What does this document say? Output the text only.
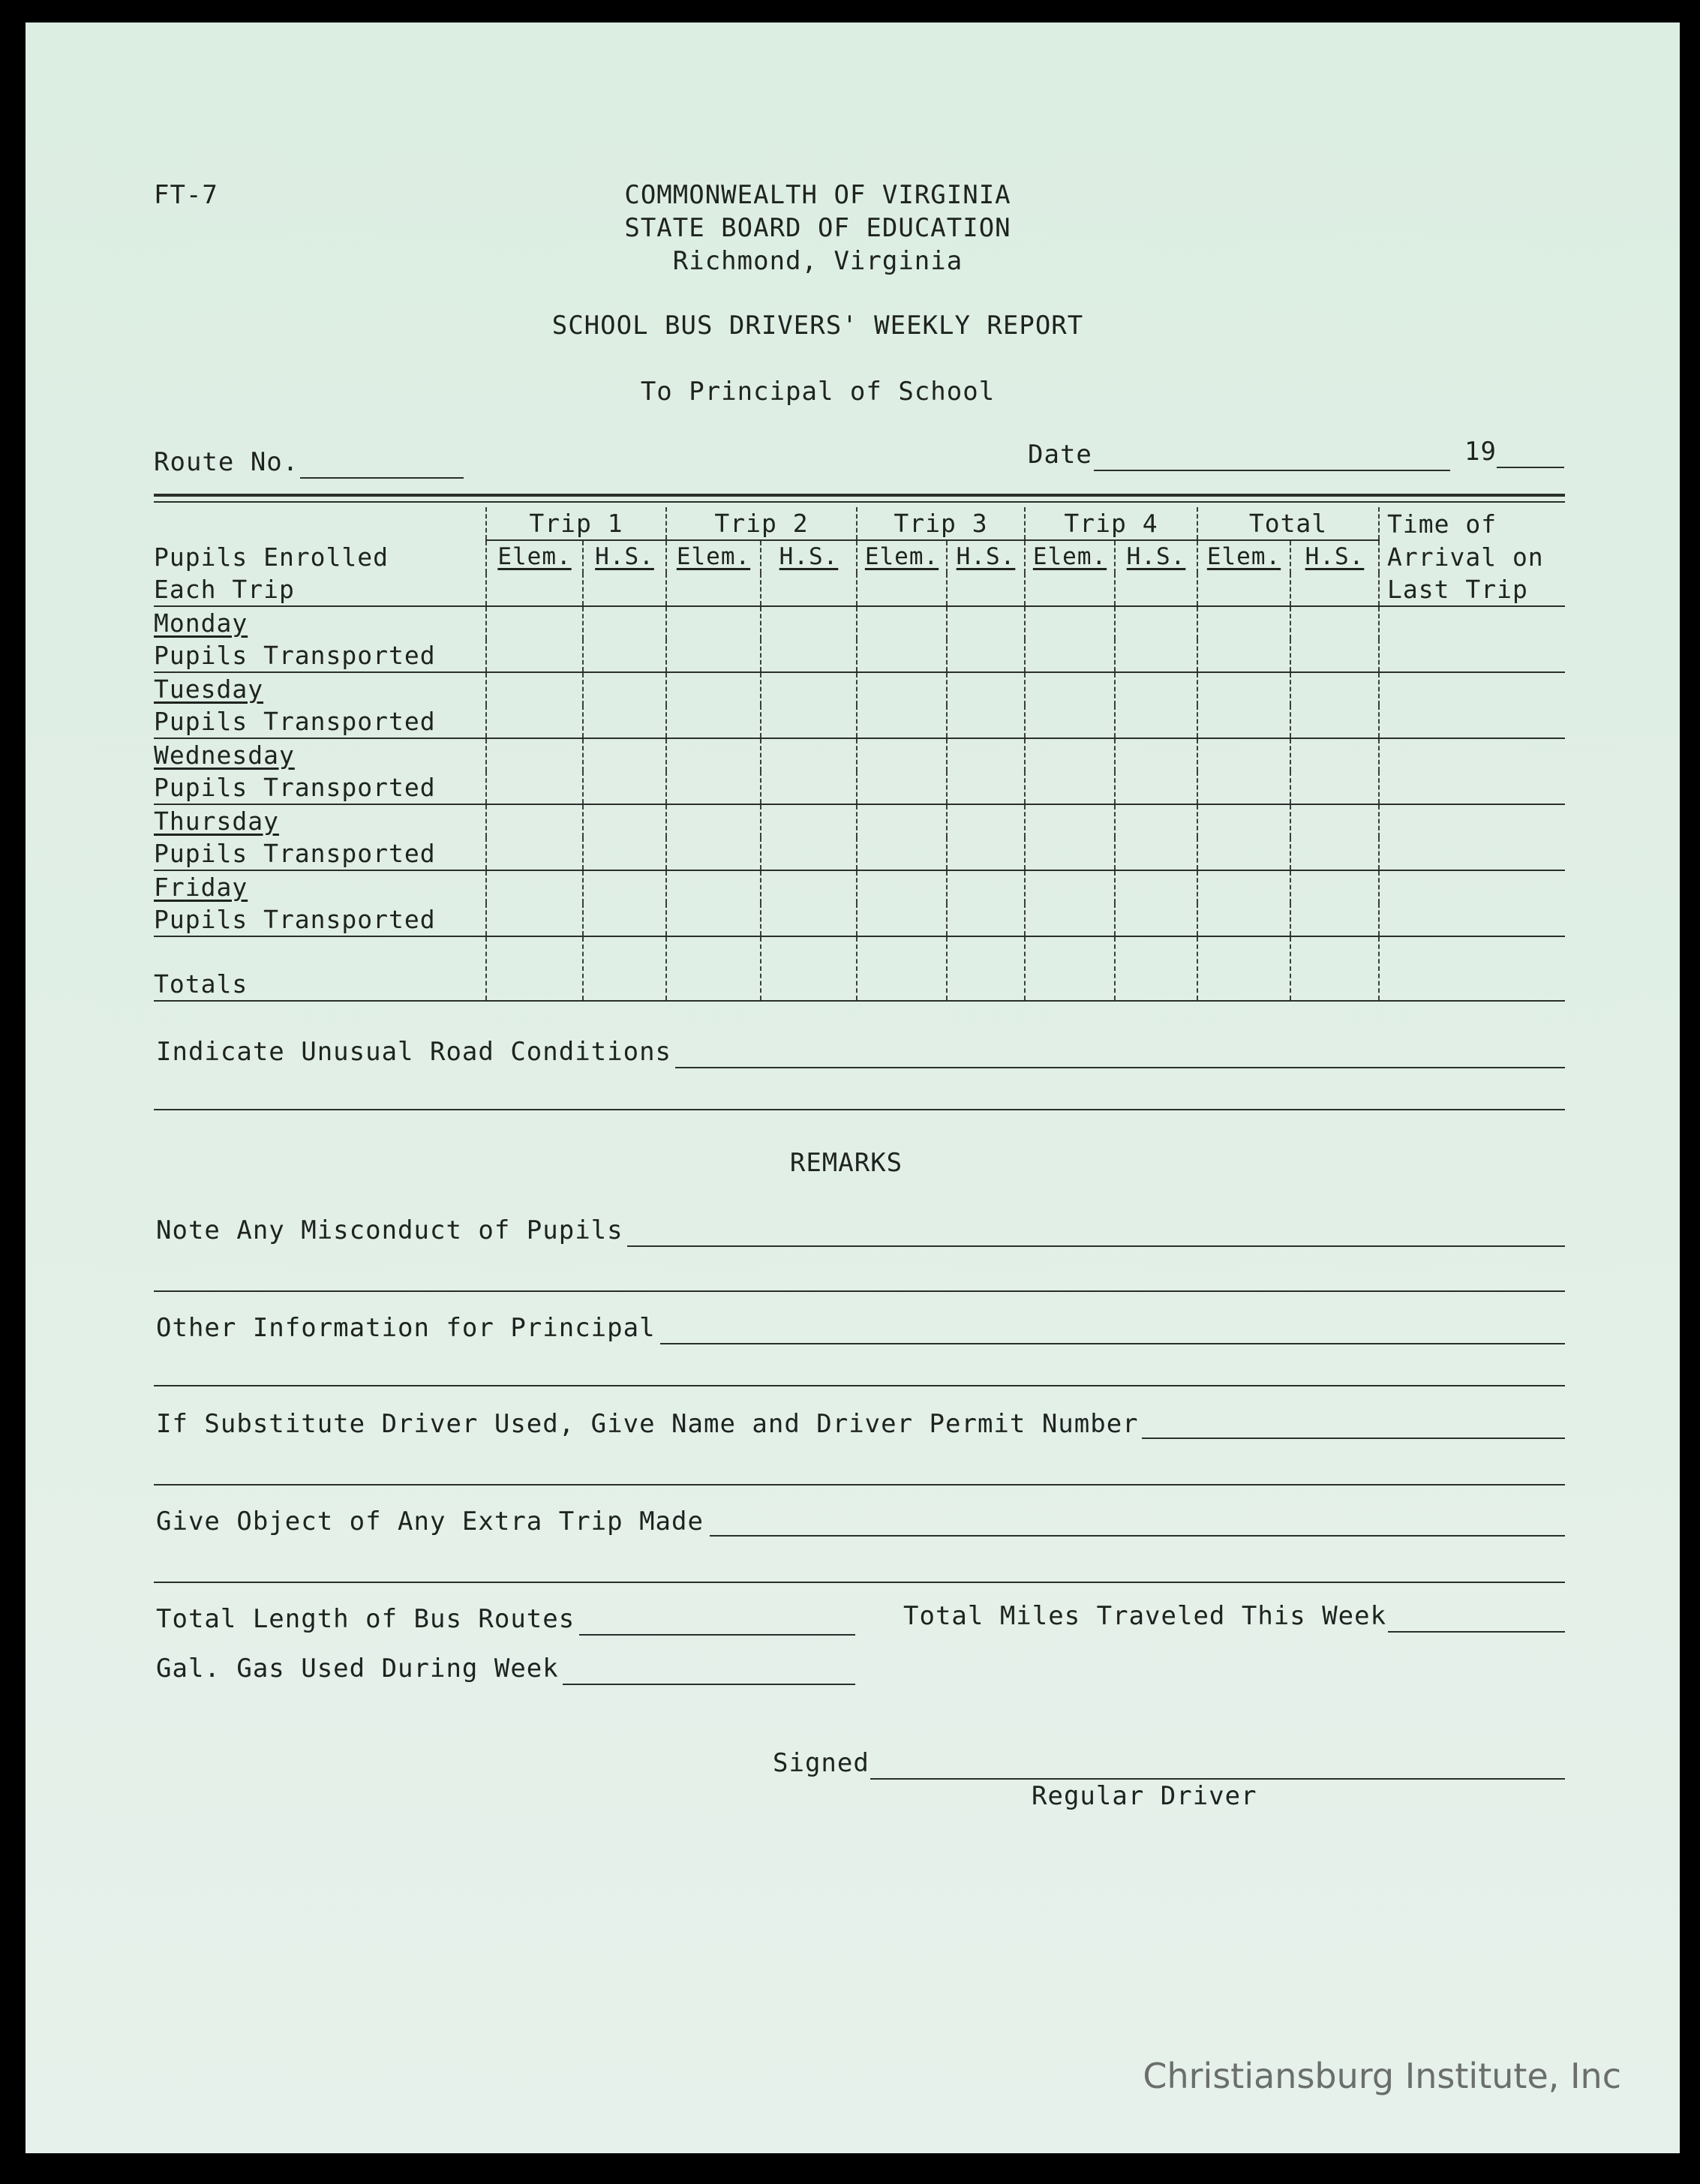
FT-7	COMMONWEALTH OF VIRGINIA
STATE BOARD OF EDUCATION
Richmond, Virginia
SCHOOL BUS DRIVERS' WEEKLY REPORT
To Principal of School
Route No.	Date	19
	Trip 1		Trip 2		Trip 3		Trip 4		Total		Time of
Pupils Enrolled	Elem.	H.S.	Elem.	H.S.	Elem.	H.S.	Elem.	H.S.	Elem.	H.S.	Arrival on
Each Trip											Last Trip
Monday											
Pupils Transported											
Tuesday											
Pupils Transported											
Wednesday											
Pupils Transported											
Thursday											
Pupils Transported											
Friday											
Pupils Transported											
Totals											
Indicate Unusual Road Conditions
REMARKS
Note Any Misconduct of Pupils
Other Information for Principal
If Substitute Driver Used, Give Name and Driver Permit Number
Give Object of Any Extra Trip Made
Total Length of Bus Routes	Total Miles Traveled This Week
Gal. Gas Used During Week
Signed
Regular Driver
Christiansburg Institute, Inc
